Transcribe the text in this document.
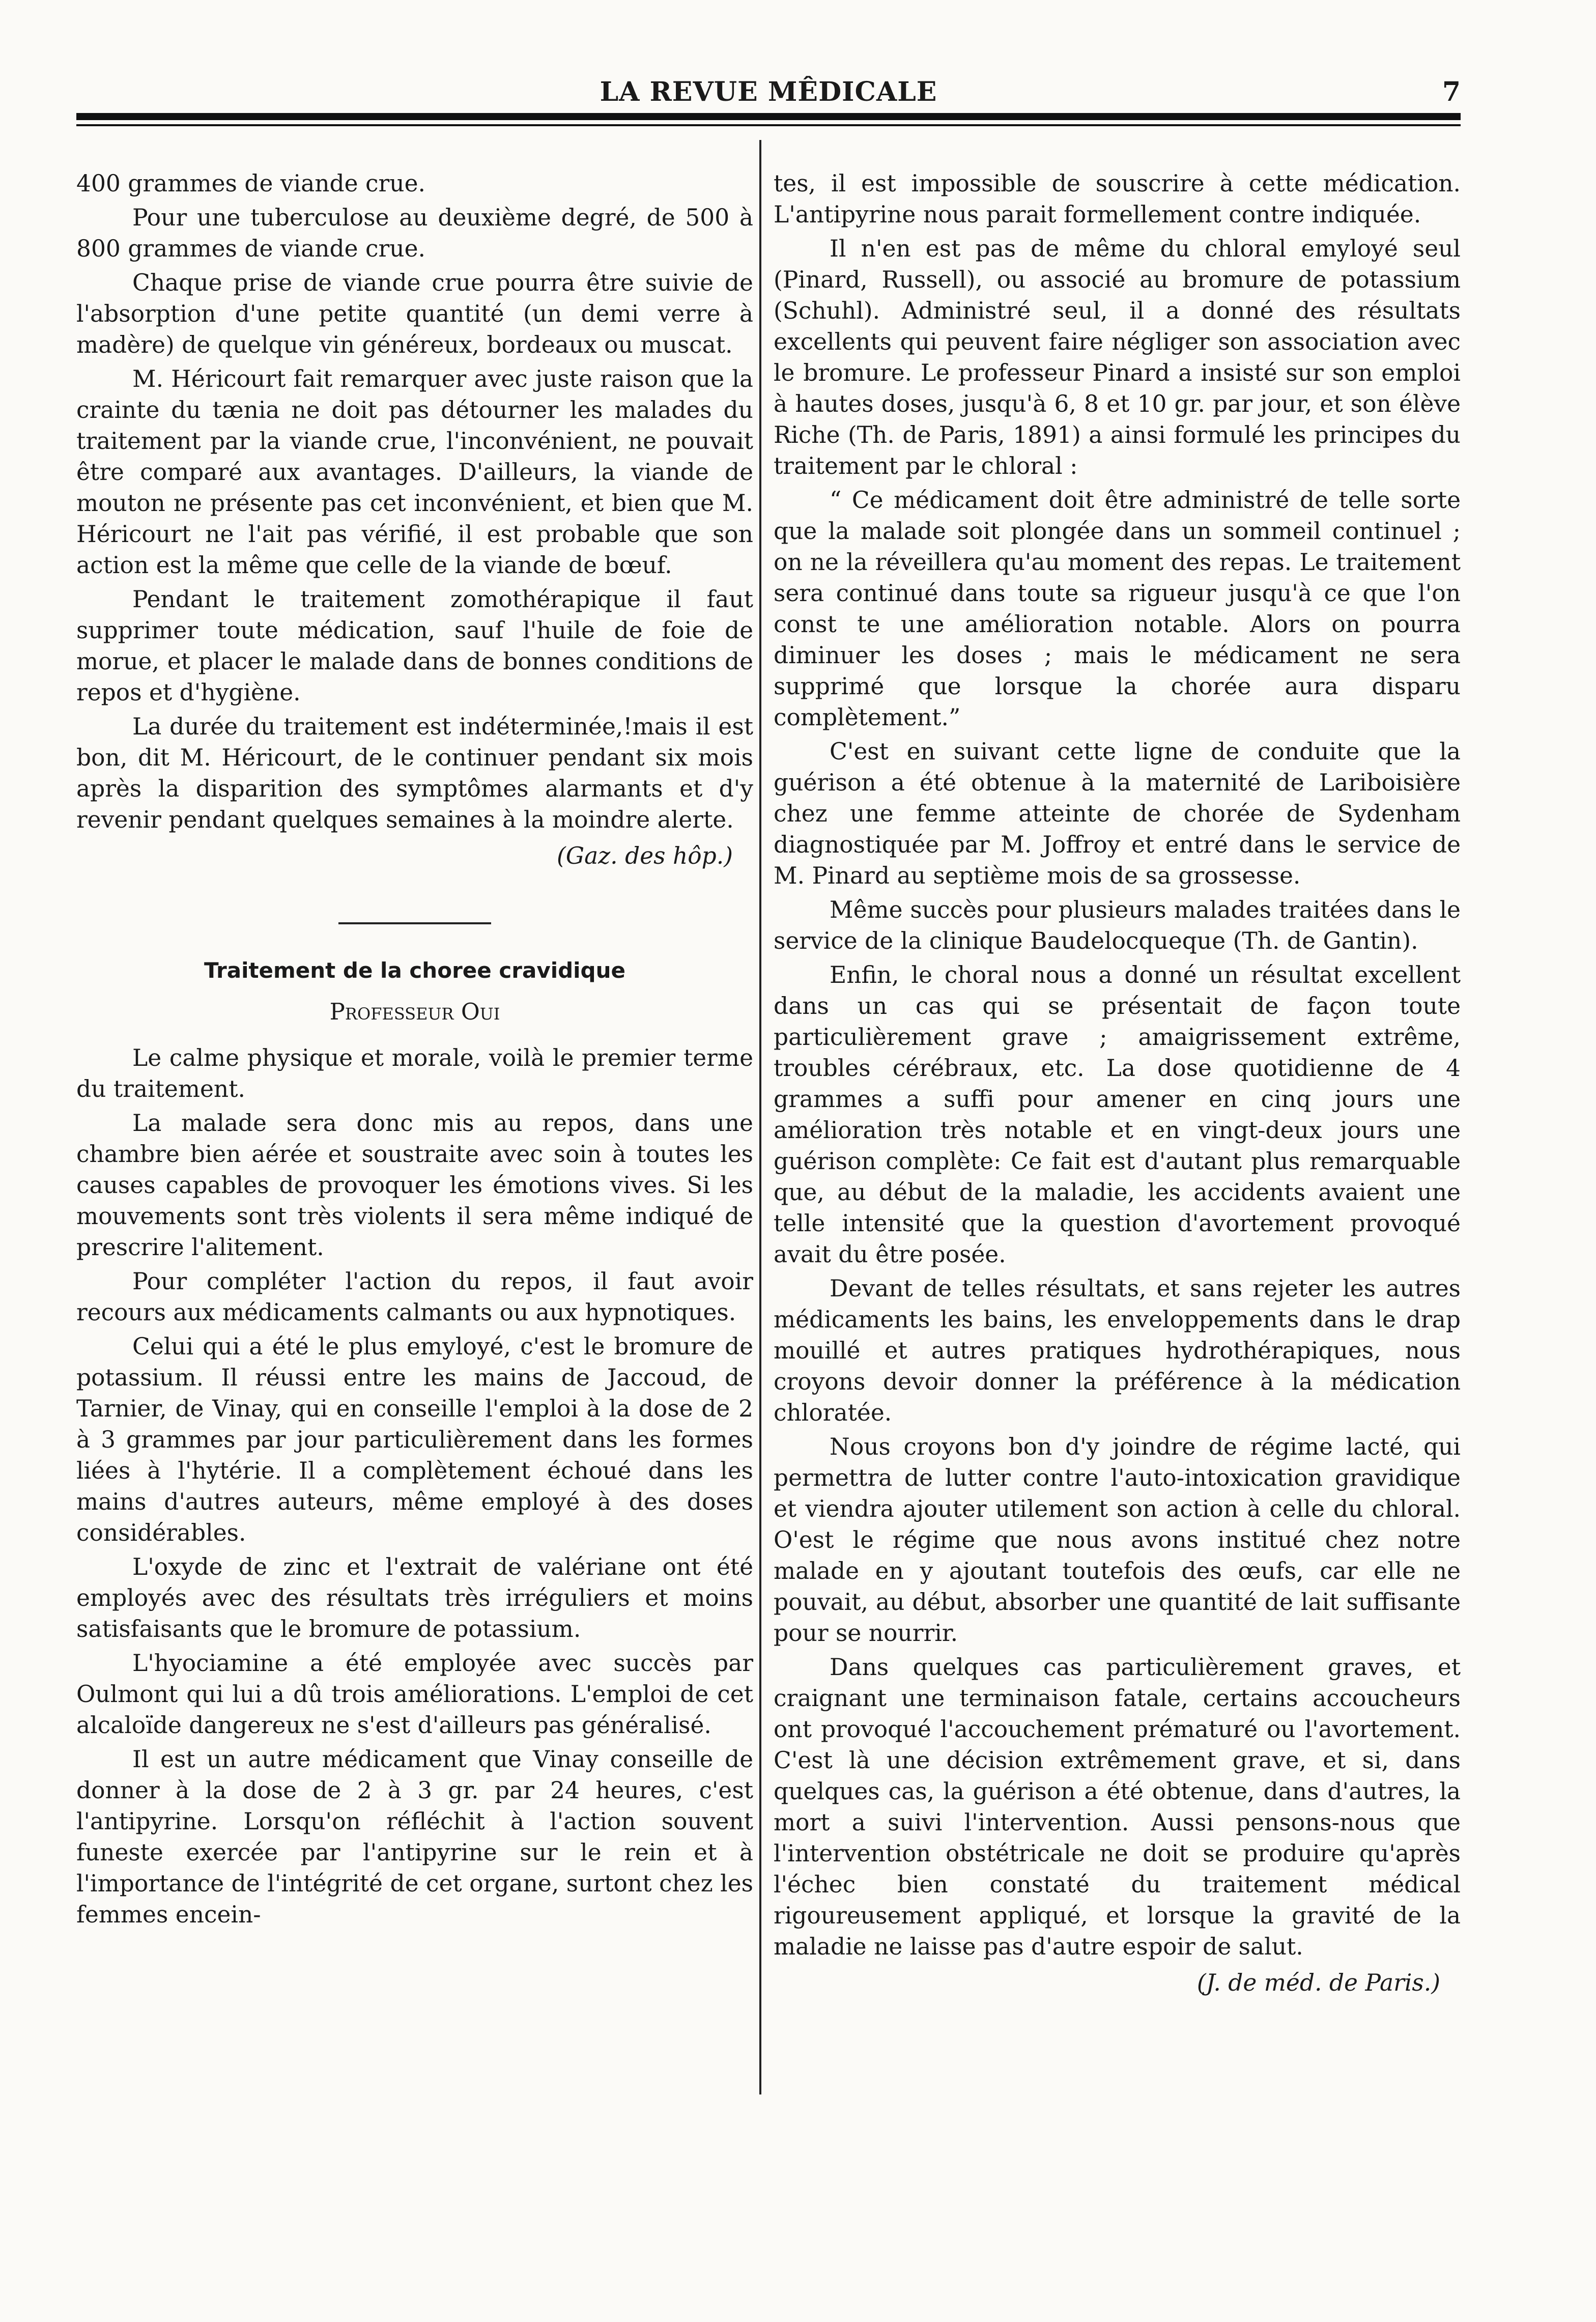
LA REVUE MÊDICALE	7

400 grammes de viande crue.

Pour une tuberculose au deuxième degré, de 500 à 800 grammes de viande crue.

Chaque prise de viande crue pourra être suivie de l'absorption d'une petite quantité (un demi verre à madère) de quelque vin généreux, bordeaux ou muscat.

M. Héricourt fait remarquer avec juste raison que la crainte du tænia ne doit pas détourner les malades du traitement par la viande crue, l'inconvénient, ne pouvait être comparé aux avantages. D'ailleurs, la viande de mouton ne présente pas cet inconvénient, et bien que M. Héricourt ne l'ait pas vérifié, il est probable que son action est la même que celle de la viande de bœuf.

Pendant le traitement zomothérapique il faut supprimer toute médication, sauf l'huile de foie de morue, et placer le malade dans de bonnes conditions de repos et d'hygiène.

La durée du traitement est indéterminée,!mais il est bon, dit M. Héricourt, de le continuer pendant six mois après la disparition des symptômes alarmants et d'y revenir pendant quelques semaines à la moindre alerte.

(Gaz. des hôp.)
Traitement de la choree cravidique
Professeur Oui

Le calme physique et morale, voilà le premier terme du traitement.

La malade sera donc mis au repos, dans une chambre bien aérée et soustraite avec soin à toutes les causes capables de provoquer les émotions vives. Si les mouvements sont très violents il sera même indiqué de prescrire l'alitement.

Pour compléter l'action du repos, il faut avoir recours aux médicaments calmants ou aux hypnotiques.

Celui qui a été le plus emyloyé, c'est le bromure de potassium. Il réussi entre les mains de Jaccoud, de Tarnier, de Vinay, qui en conseille l'emploi à la dose de 2 à 3 grammes par jour particulièrement dans les formes liées à l'hytérie. Il a complètement échoué dans les mains d'autres auteurs, même employé à des doses considérables.

L'oxyde de zinc et l'extrait de valériane ont été employés avec des résultats très irréguliers et moins satisfaisants que le bromure de potassium.

L'hyociamine a été employée avec succès par Oulmont qui lui a dû trois améliorations. L'emploi de cet alcaloïde dangereux ne s'est d'ailleurs pas généralisé.

Il est un autre médicament que Vinay conseille de donner à la dose de 2 à 3 gr. par 24 heures, c'est l'antipyrine. Lorsqu'on réfléchit à l'action souvent funeste exercée par l'antipyrine sur le rein et à l'importance de l'intégrité de cet organe, surtont chez les femmes encein-

tes, il est impossible de souscrire à cette médication. L'antipyrine nous parait formellement contre indiquée.

Il n'en est pas de même du chloral emyloyé seul (Pinard, Russell), ou associé au bromure de potassium (Schuhl). Administré seul, il a donné des résultats excellents qui peuvent faire négliger son association avec le bromure. Le professeur Pinard a insisté sur son emploi à hautes doses, jusqu'à 6, 8 et 10 gr. par jour, et son élève Riche (Th. de Paris, 1891) a ainsi formulé les principes du traitement par le chloral :

“ Ce médicament doit être administré de telle sorte que la malade soit plongée dans un sommeil continuel ; on ne la réveillera qu'au moment des repas. Le traitement sera continué dans toute sa rigueur jusqu'à ce que l'on const te une amélioration notable. Alors on pourra diminuer les doses ; mais le médicament ne sera supprimé que lorsque la chorée aura disparu complètement.”

C'est en suivant cette ligne de conduite que la guérison a été obtenue à la maternité de Lariboisière chez une femme atteinte de chorée de Sydenham diagnostiquée par M. Joffroy et entré dans le service de M. Pinard au septième mois de sa grossesse.

Même succès pour plusieurs malades traitées dans le service de la clinique Baudelocqueque (Th. de Gantin).

Enfin, le choral nous a donné un résultat excellent dans un cas qui se présentait de façon toute particulièrement grave ; amaigrissement extrême, troubles cérébraux, etc. La dose quotidienne de 4 grammes a suffi pour amener en cinq jours une amélioration très notable et en vingt-deux jours une guérison complète: Ce fait est d'autant plus remarquable que, au début de la maladie, les accidents avaient une telle intensité que la question d'avortement provoqué avait du être posée.

Devant de telles résultats, et sans rejeter les autres médicaments les bains, les enveloppements dans le drap mouillé et autres pratiques hydrothérapiques, nous croyons devoir donner la préférence à la médication chloratée.

Nous croyons bon d'y joindre de régime lacté, qui permettra de lutter contre l'auto-intoxication gravidique et viendra ajouter utilement son action à celle du chloral. O'est le régime que nous avons institué chez notre malade en y ajoutant toutefois des œufs, car elle ne pouvait, au début, absorber une quantité de lait suffisante pour se nourrir.

Dans quelques cas particulièrement graves, et craignant une terminaison fatale, certains accoucheurs ont provoqué l'accouchement prématuré ou l'avortement. C'est là une décision extrêmement grave, et si, dans quelques cas, la guérison a été obtenue, dans d'autres, la mort a suivi l'intervention. Aussi pensons-nous que l'intervention obstétricale ne doit se produire qu'après l'échec bien constaté du traitement médical rigoureusement appliqué, et lorsque la gravité de la maladie ne laisse pas d'autre espoir de salut.

(J. de méd. de Paris.)
